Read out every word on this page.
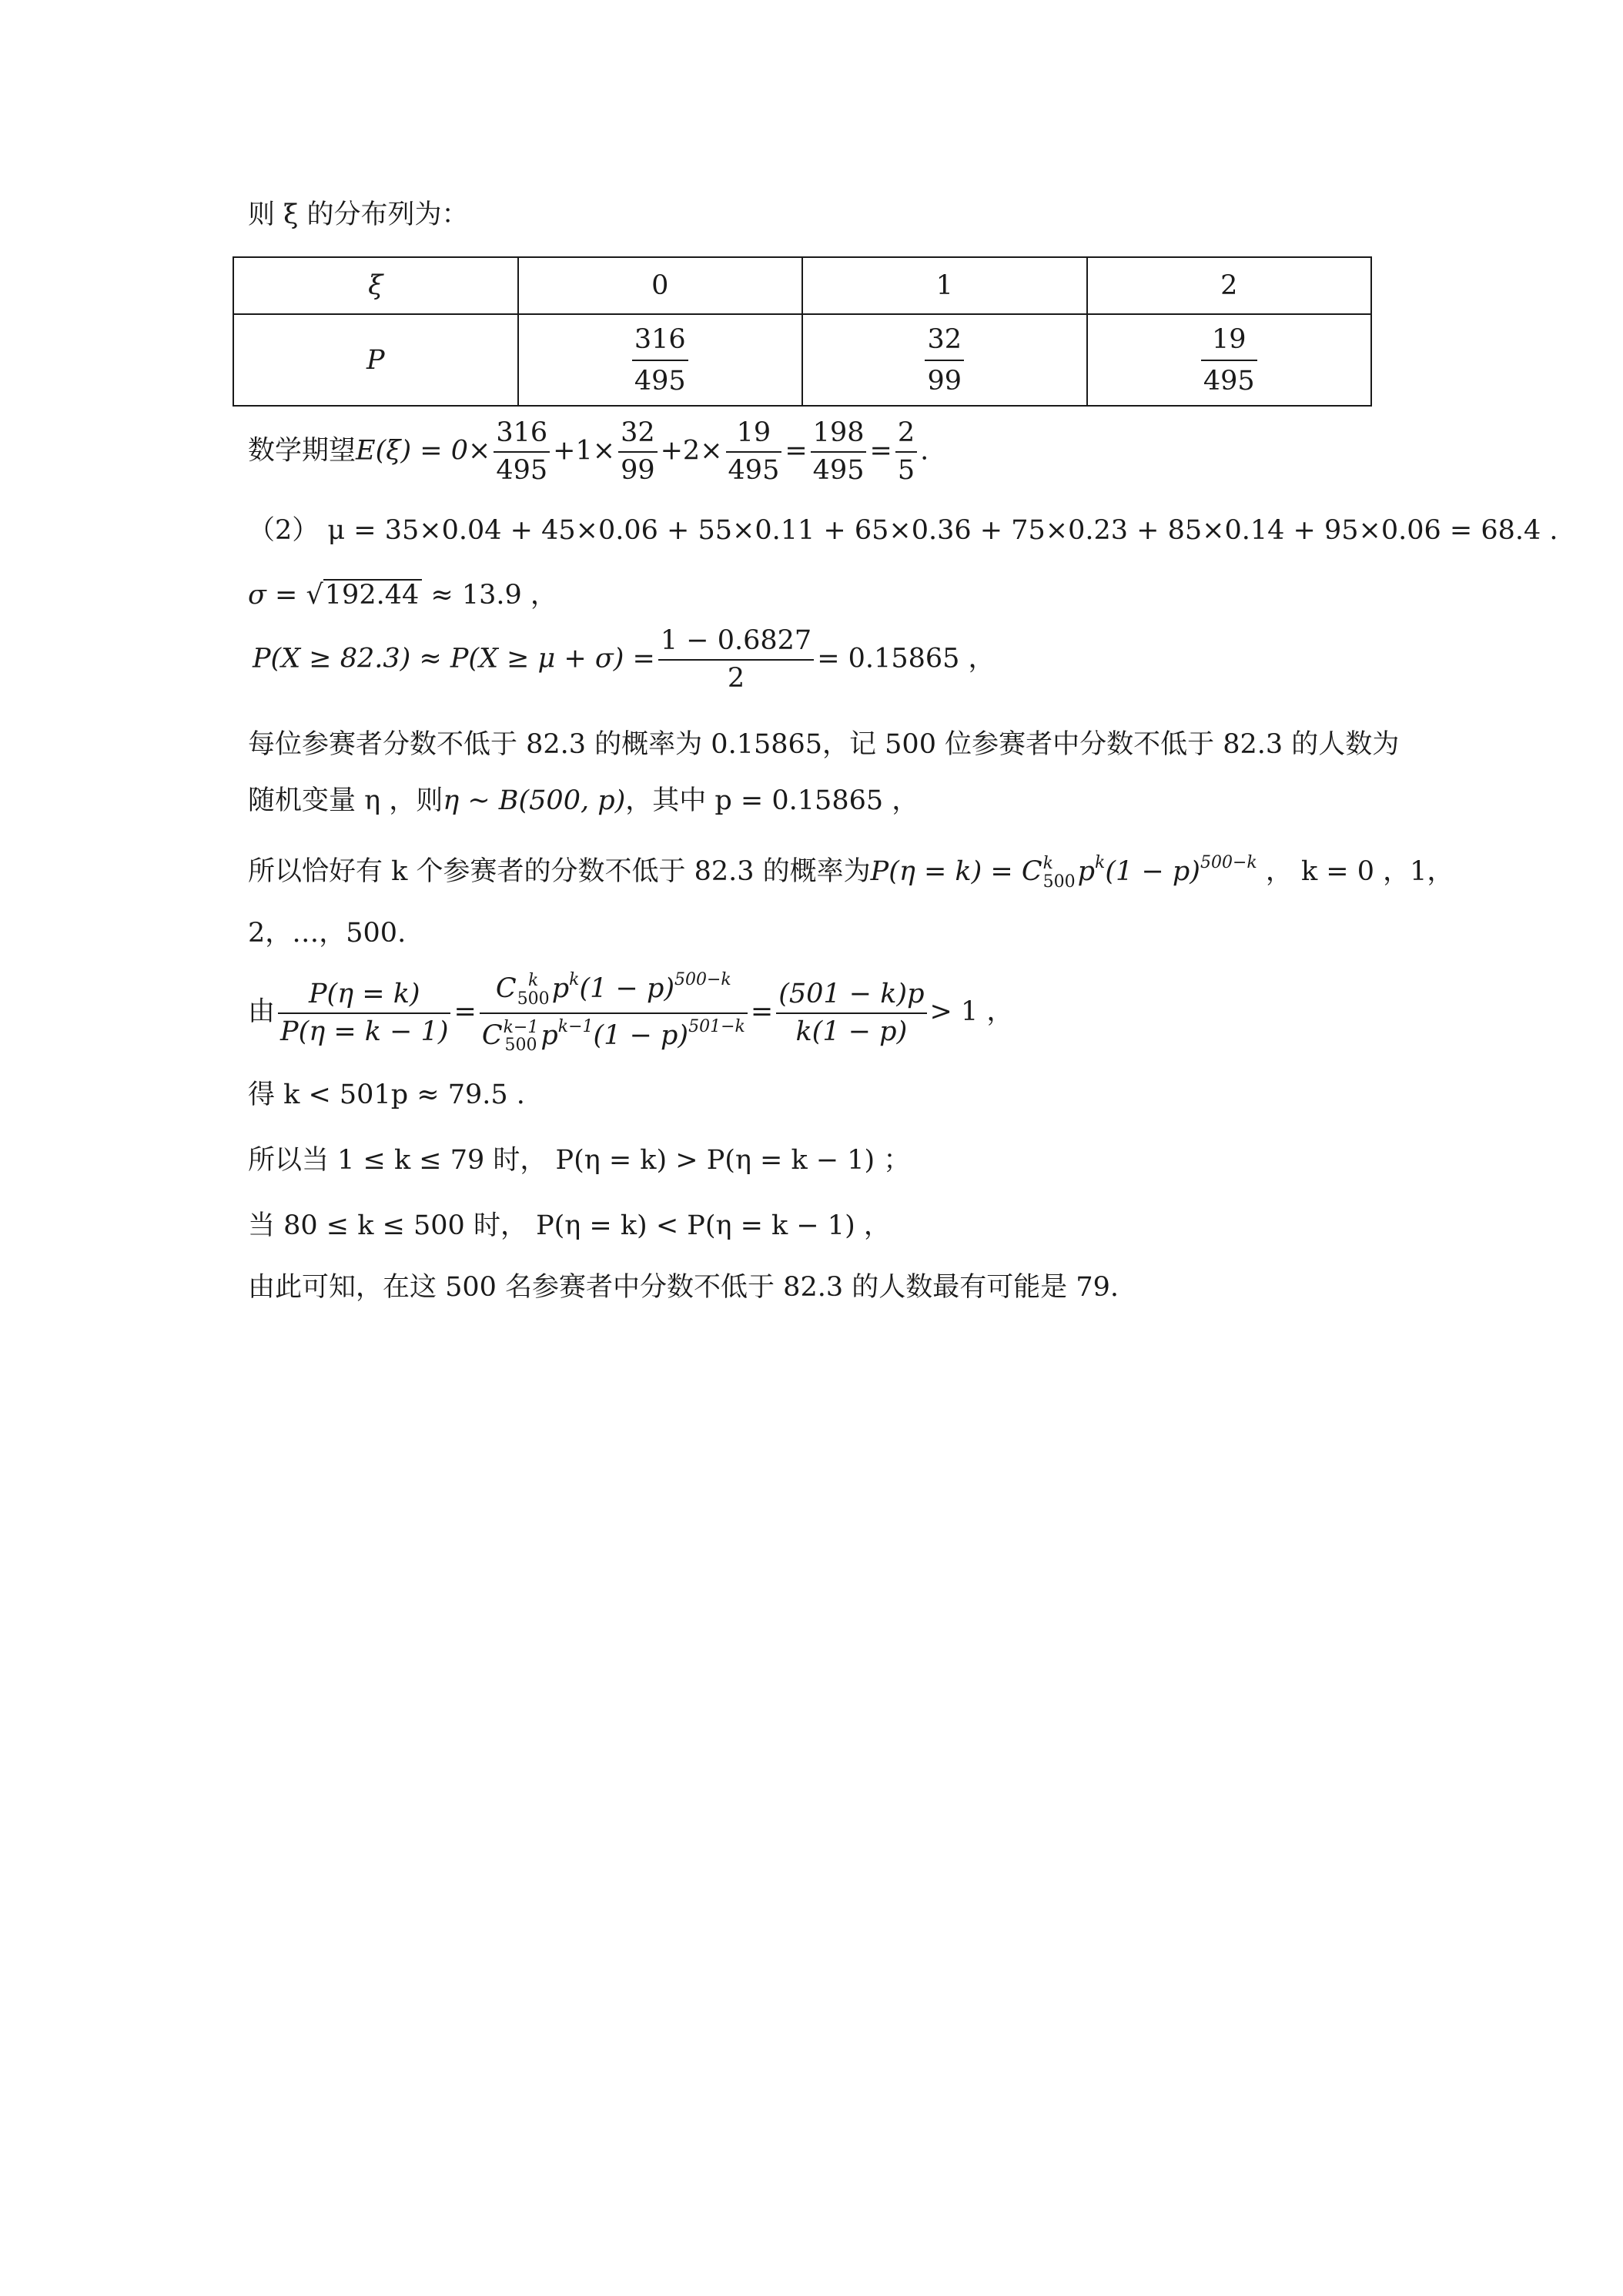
则 ξ 的分布列为：
ξ	0	1	2
P	$\frac{316}{495}$	$\frac{32}{99}$	$\frac{19}{495}$
数学期望$E(\xi) = 0\times \frac{316}{495} +1\times \frac{32}{99} +2\times \frac{19}{495} = \frac{198}{495} = \frac{2}{5}$ .
（2） μ = 35×0.04 + 45×0.06 + 55×0.11 + 65×0.36 + 75×0.23 + 85×0.14 + 95×0.06 = 68.4 .
σ = √192.44 ≈ 13.9 ，
$P(X \ge 82.3) \approx P(X \ge \mu + \sigma) = \frac{1 - 0.6827}{2} = 0.15865$ ，
每位参赛者分数不低于 82.3 的概率为 0.15865，记 500 位参赛者中分数不低于 82.3 的人数为
随机变量 η ，则η ~ B(500, p)，其中 p = 0.15865 ，
所以恰好有 k 个参赛者的分数不低于 82.3 的概率为P(η = k) = C k
500 $p^k(1 - p)^{500-k}$ ， k = 0 ，1，
2，…，500.
由 $\frac{P(\eta = k)}{P(\eta = k - 1)} = C$ k
500 $p^k(1 - p)^{500-k}$
C k−1
500 $p^{k-1}(1 - p)^{501-k} = \frac{(501 - k)p}{k(1 - p)} > 1$ ，
得 k < 501p ≈ 79.5 .
所以当 1 ≤ k ≤ 79 时， P(η = k) > P(η = k − 1) ；
当 80 ≤ k ≤ 500 时， P(η = k) < P(η = k − 1) ，
由此可知，在这 500 名参赛者中分数不低于 82.3 的人数最有可能是 79.
